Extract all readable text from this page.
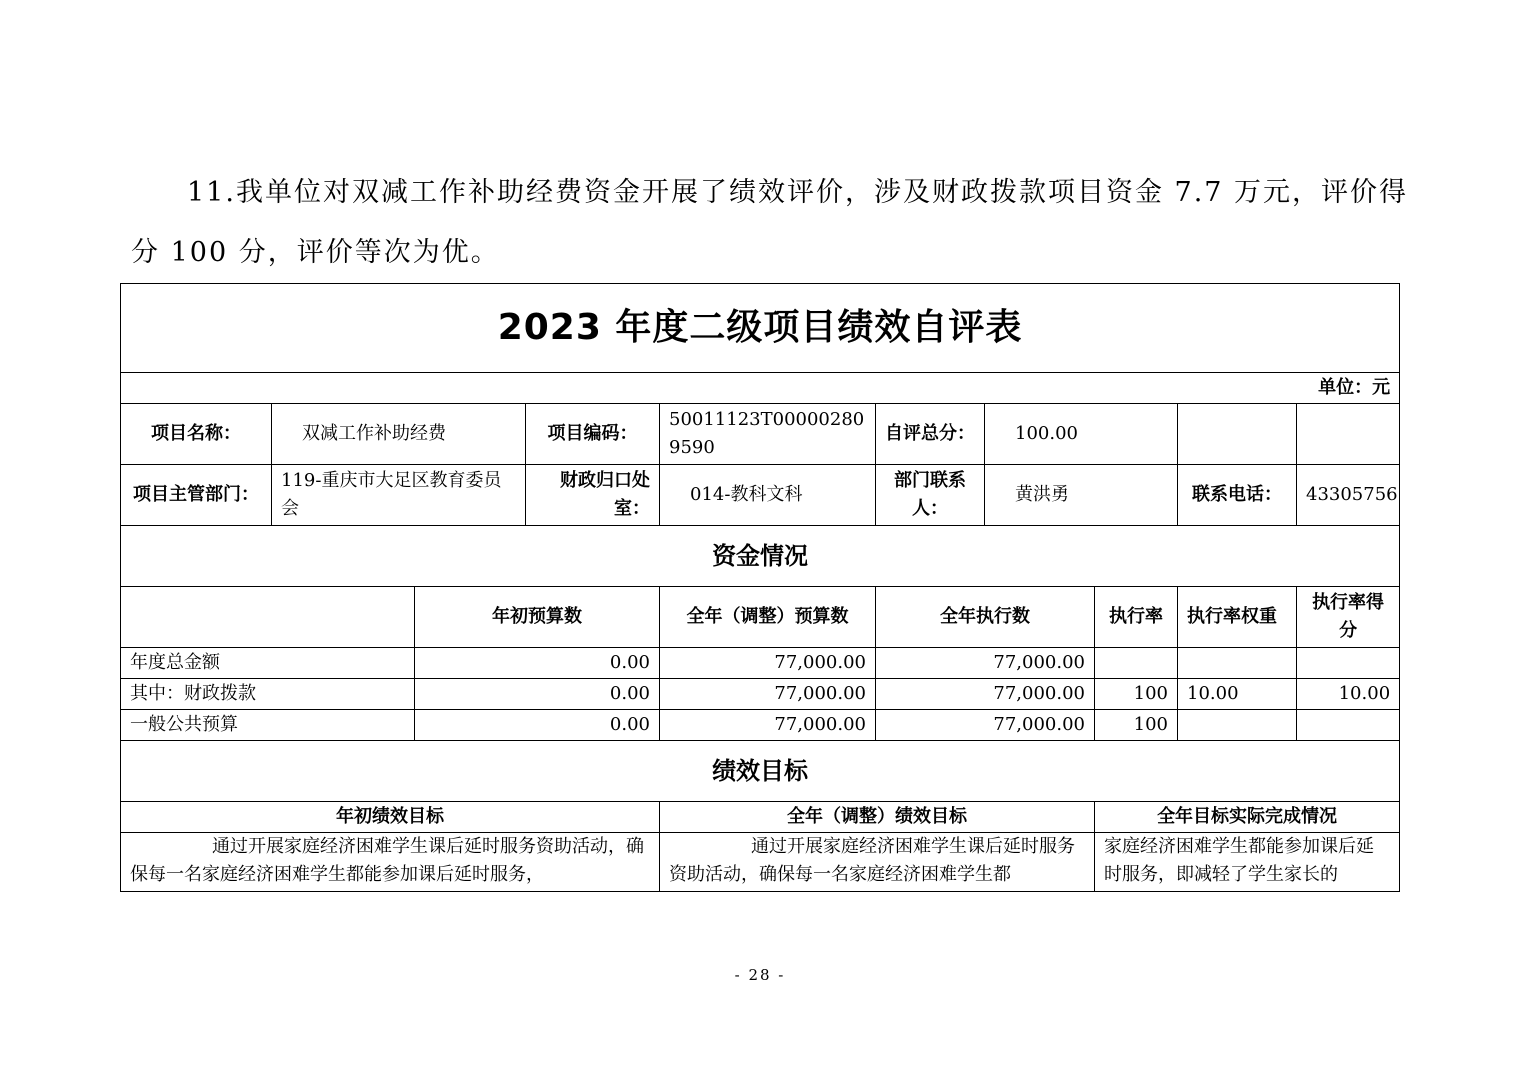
11.我单位对双减工作补助经费资金开展了绩效评价，涉及财政拨款项目资金 7.7 万元，评价得
分 100 分，评价等次为优。
2023 年度二级项目绩效自评表									
单位：元									
项目名称：	双减工作补助经费		项目编码：	50011123T000002809590	自评总分：	100.00			
项目主管部门：	119-重庆市大足区教育委员会		财政归口处室：	014-教科文科	部门联系人：	黄洪勇		联系电话：	43305756
资金情况									
		年初预算数		全年（调整）预算数	全年执行数		执行率	执行率权重	执行率得分
年度总金额		0.00		77,000.00	77,000.00				
其中：财政拨款		0.00		77,000.00	77,000.00		100	10.00	10.00
一般公共预算		0.00		77,000.00	77,000.00		100		
绩效目标									
年初绩效目标				全年（调整）绩效目标			全年目标实际完成情况		
通过开展家庭经济困难学生课后延时服务资助活动，确保每一名家庭经济困难学生都能参加课后延时服务，				通过开展家庭经济困难学生课后延时服务资助活动，确保每一名家庭经济困难学生都			家庭经济困难学生都能参加课后延时服务，即减轻了学生家长的		
- 28 -
